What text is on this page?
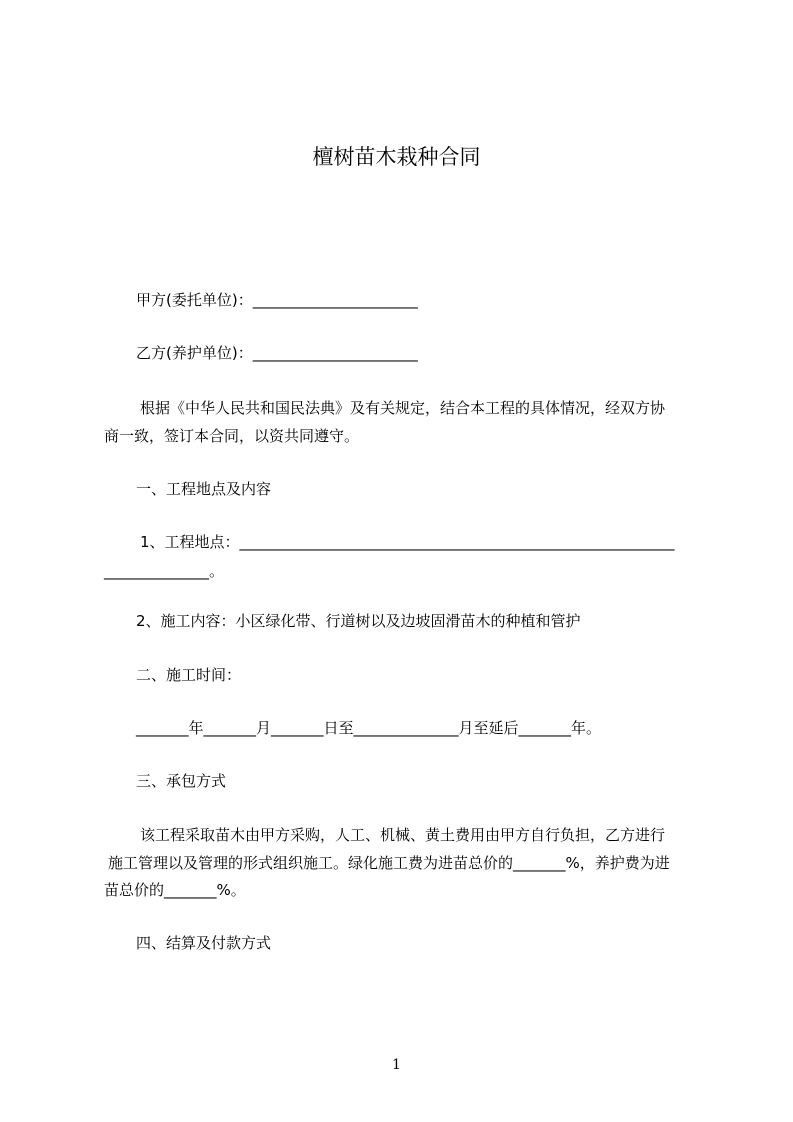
檀树苗木栽种合同
甲方(委托单位)：______________________
乙方(养护单位)：______________________
根据《中华人民共和国民法典》及有关规定，结合本工程的具体情况，经双方协
商一致，签订本合同，以资共同遵守。
一、工程地点及内容
1、工程地点：__________________________________________________________
______________。
2、施工内容：小区绿化带、行道树以及边坡固滑苗木的种植和管护
二、施工时间：
_______年_______月_______日至______________月至延后_______年。
三、承包方式
该工程采取苗木由甲方采购，人工、机械、黄土费用由甲方自行负担，乙方进行
施工管理以及管理的形式组织施工。绿化施工费为进苗总价的_______%，养护费为进
苗总价的_______%。
四、结算及付款方式
1
